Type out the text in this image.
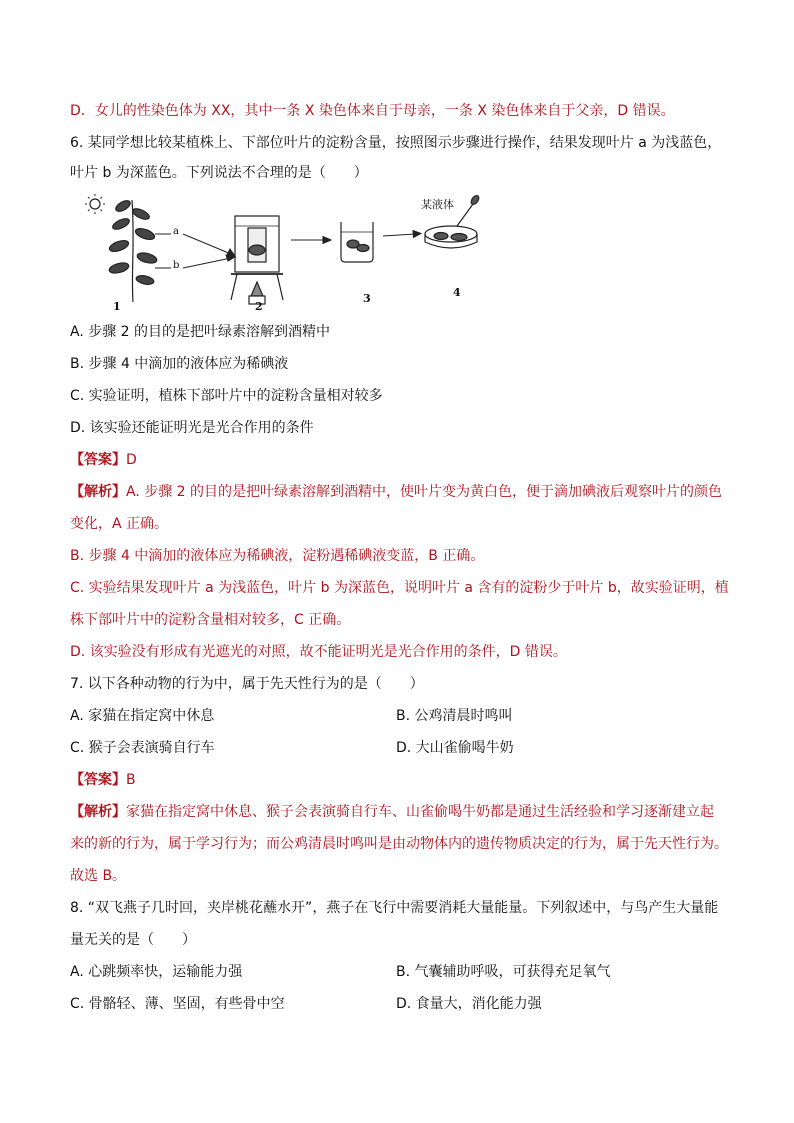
D．女儿的性染色体为 XX，其中一条 X 染色体来自于母亲，一条 X 染色体来自于父亲，D 错误。
6. 某同学想比较某植株上、下部位叶片的淀粉含量，按照图示步骤进行操作，结果发现叶片 a 为浅蓝色，
叶片 b 为深蓝色。下列说法不合理的是（　　）
a
b
某液体
1	2
3	4
A. 步骤 2 的目的是把叶绿素溶解到酒精中
B. 步骤 4 中滴加的液体应为稀碘液
C. 实验证明，植株下部叶片中的淀粉含量相对较多
D. 该实验还能证明光是光合作用的条件
【答案】D
【解析】A. 步骤 2 的目的是把叶绿素溶解到酒精中，使叶片变为黄白色，便于滴加碘液后观察叶片的颜色
变化，A 正确。
B. 步骤 4 中滴加的液体应为稀碘液，淀粉遇稀碘液变蓝，B 正确。
C. 实验结果发现叶片 a 为浅蓝色，叶片 b 为深蓝色，说明叶片 a 含有的淀粉少于叶片 b，故实验证明，植
株下部叶片中的淀粉含量相对较多，C 正确。
D. 该实验没有形成有光遮光的对照，故不能证明光是光合作用的条件，D 错误。
7. 以下各种动物的行为中，属于先天性行为的是（　　）
A. 家猫在指定窝中休息	B. 公鸡清晨时鸣叫
C. 猴子会表演骑自行车	D. 大山雀偷喝牛奶
【答案】B
【解析】家猫在指定窝中休息、猴子会表演骑自行车、山雀偷喝牛奶都是通过生活经验和学习逐渐建立起
来的新的行为，属于学习行为；而公鸡清晨时鸣叫是由动物体内的遗传物质决定的行为，属于先天性行为。
故选 B。
8. “双飞燕子几时回，夹岸桃花蘸水开”，燕子在飞行中需要消耗大量能量。下列叙述中，与鸟产生大量能
量无关的是（　　）
A. 心跳频率快，运输能力强	B. 气囊辅助呼吸，可获得充足氧气
C. 骨骼轻、薄、坚固，有些骨中空	D. 食量大，消化能力强
